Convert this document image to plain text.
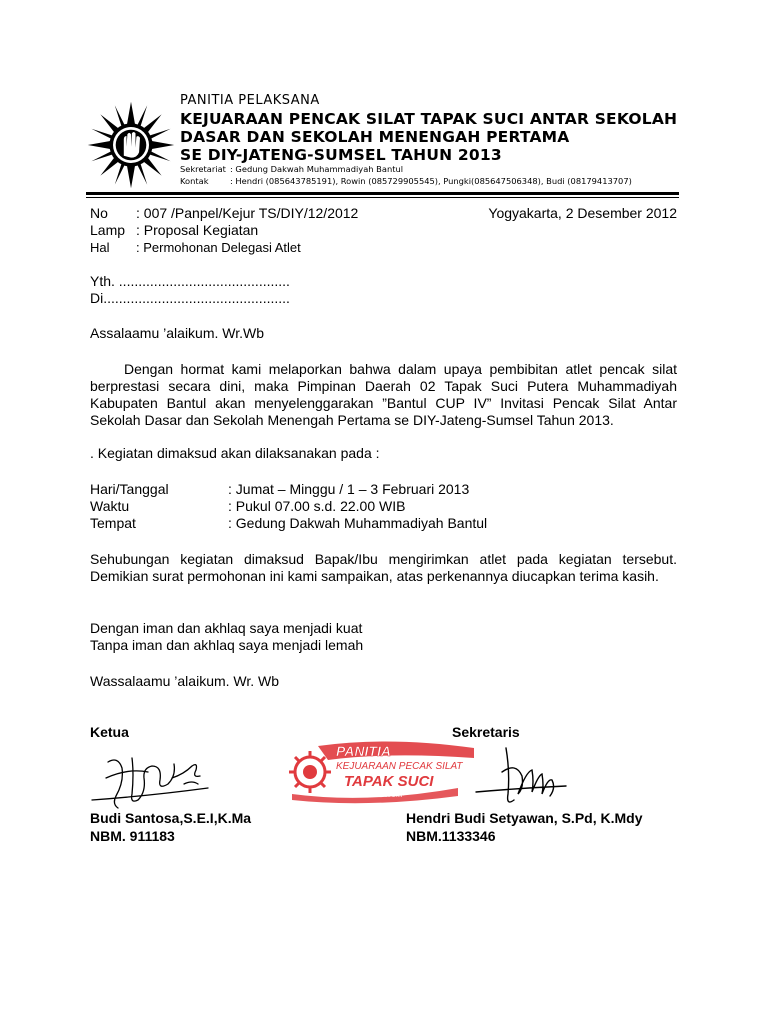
PANITIA PELAKSANA
KEJUARAAN PENCAK SILAT TAPAK SUCI ANTAR SEKOLAH
DASAR DAN SEKOLAH MENENGAH PERTAMA
SE DIY-JATENG-SUMSEL TAHUN 2013
Sekretariat : Gedung Dakwah Muhammadiyah Bantul
Kontak	: Hendri (085643785191), Rowin (085729905545), Pungki(085647506348), Budi (08179413707)
No : 007 /Panpel/Kejur TS/DIY/12/2012	Yogyakarta, 2 Desember 2012
Lamp : Proposal Kegiatan
Hal : Permohonan Delegasi Atlet
Yth. ............................................
Di................................................
Assalaamu ’alaikum. Wr.Wb
Dengan hormat kami melaporkan bahwa dalam upaya pembibitan atlet pencak silat berprestasi secara dini, maka Pimpinan Daerah 02 Tapak Suci Putera Muhammadiyah Kabupaten Bantul akan menyelenggarakan ”Bantul CUP IV” Invitasi Pencak Silat Antar Sekolah Dasar dan Sekolah Menengah Pertama se DIY-Jateng-Sumsel Tahun 2013.
. Kegiatan dimaksud akan dilaksanakan pada :
Hari/Tanggal	: Jumat – Minggu / 1 – 3 Februari 2013
Waktu	: Pukul 07.00 s.d. 22.00 WIB
Tempat	: Gedung Dakwah Muhammadiyah Bantul
Sehubungan kegiatan dimaksud Bapak/Ibu mengirimkan atlet pada kegiatan tersebut. Demikian surat permohonan ini kami sampaikan, atas perkenannya diucapkan terima kasih.
Dengan iman dan akhlaq saya menjadi kuat
Tanpa iman dan akhlaq saya menjadi lemah
Wassalaamu ’alaikum. Wr. Wb
PANITIA
KEJUARAAN PECAK SILAT
TAPAK SUCI
ANTAR SD DAN SMP
Ketua	Sekretaris
Budi Santosa,S.E.I,K.Ma
NBM. 911183
Hendri Budi Setyawan, S.Pd, K.Mdy
NBM.1133346
